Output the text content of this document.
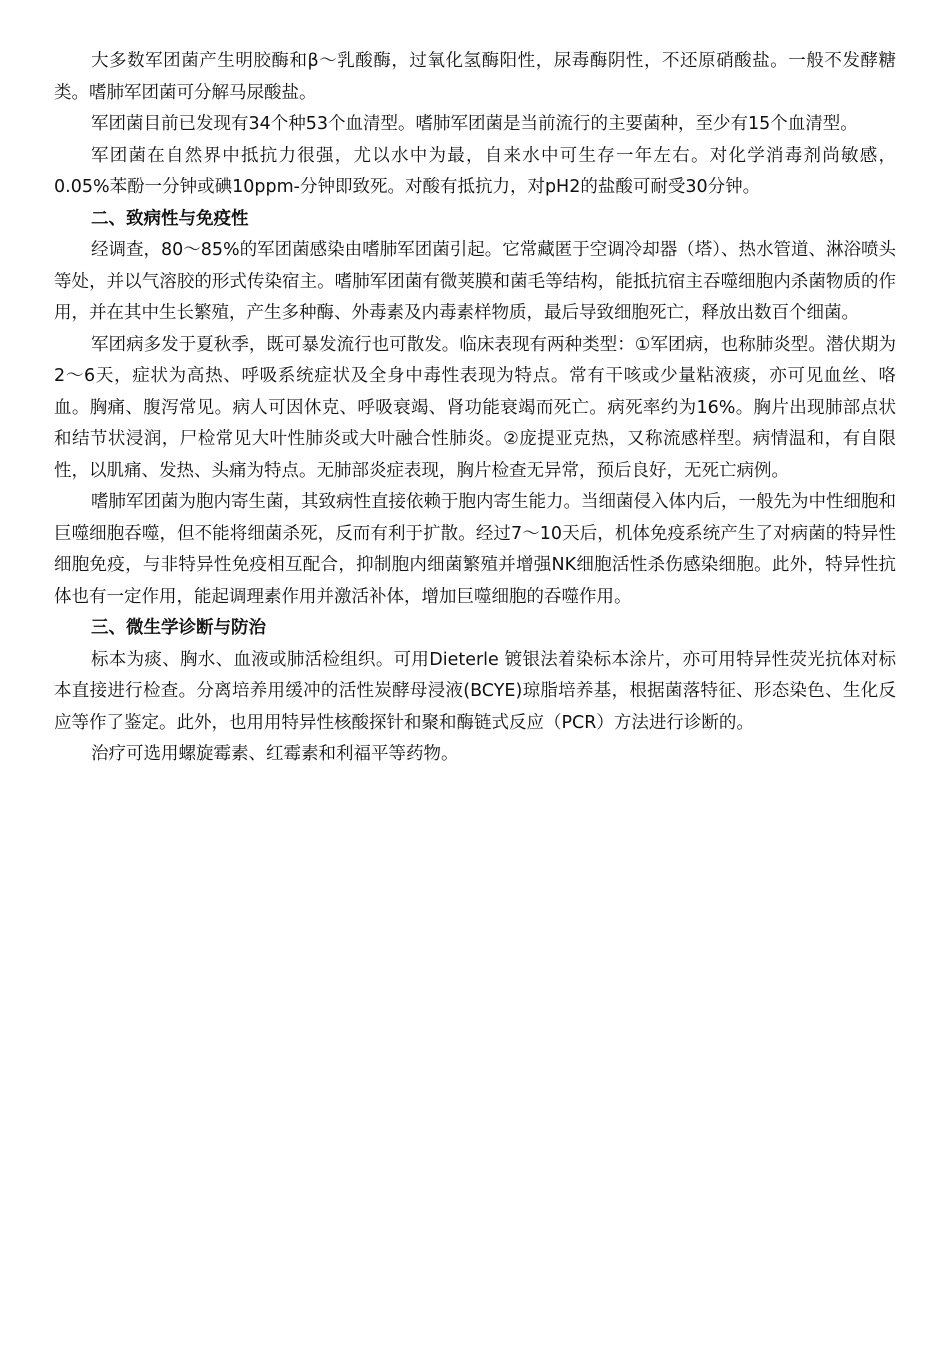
大多数军团菌产生明胶酶和β～乳酸酶，过氧化氢酶阳性，尿毒酶阴性，不还原硝酸盐。一般不发酵糖类。嗜肺军团菌可分解马尿酸盐。

军团菌目前已发现有34个种53个血清型。嗜肺军团菌是当前流行的主要菌种，至少有15个血清型。

军团菌在自然界中抵抗力很强，尤以水中为最，自来水中可生存一年左右。对化学消毒剂尚敏感，0.05%苯酚一分钟或碘10ppm-分钟即致死。对酸有抵抗力，对pH2的盐酸可耐受30分钟。

二、致病性与免疫性

经调查，80～85%的军团菌感染由嗜肺军团菌引起。它常藏匿于空调冷却器（塔）、热水管道、淋浴喷头等处，并以气溶胶的形式传染宿主。嗜肺军团菌有微荚膜和菌毛等结构，能抵抗宿主吞噬细胞内杀菌物质的作用，并在其中生长繁殖，产生多种酶、外毒素及内毒素样物质，最后导致细胞死亡，释放出数百个细菌。

军团病多发于夏秋季，既可暴发流行也可散发。临床表现有两种类型：①军团病，也称肺炎型。潜伏期为2～6天，症状为高热、呼吸系统症状及全身中毒性表现为特点。常有干咳或少量粘液痰，亦可见血丝、咯血。胸痛、腹泻常见。病人可因休克、呼吸衰竭、肾功能衰竭而死亡。病死率约为16%。胸片出现肺部点状和结节状浸润，尸检常见大叶性肺炎或大叶融合性肺炎。②庞提亚克热，又称流感样型。病情温和，有自限性，以肌痛、发热、头痛为特点。无肺部炎症表现，胸片检查无异常，预后良好，无死亡病例。

嗜肺军团菌为胞内寄生菌，其致病性直接依赖于胞内寄生能力。当细菌侵入体内后，一般先为中性细胞和巨噬细胞吞噬，但不能将细菌杀死，反而有利于扩散。经过7～10天后，机体免疫系统产生了对病菌的特异性细胞免疫，与非特异性免疫相互配合，抑制胞内细菌繁殖并增强NK细胞活性杀伤感染细胞。此外，特异性抗体也有一定作用，能起调理素作用并激活补体，增加巨噬细胞的吞噬作用。

三、微生学诊断与防治

标本为痰、胸水、血液或肺活检组织。可用Dieterle 镀银法着染标本涂片，亦可用特异性荧光抗体对标本直接进行检查。分离培养用缓冲的活性炭酵母浸液(BCYE)琼脂培养基，根据菌落特征、形态染色、生化反应等作了鉴定。此外，也用用特异性核酸探针和聚和酶链式反应（PCR）方法进行诊断的。

治疗可选用螺旋霉素、红霉素和利福平等药物。
